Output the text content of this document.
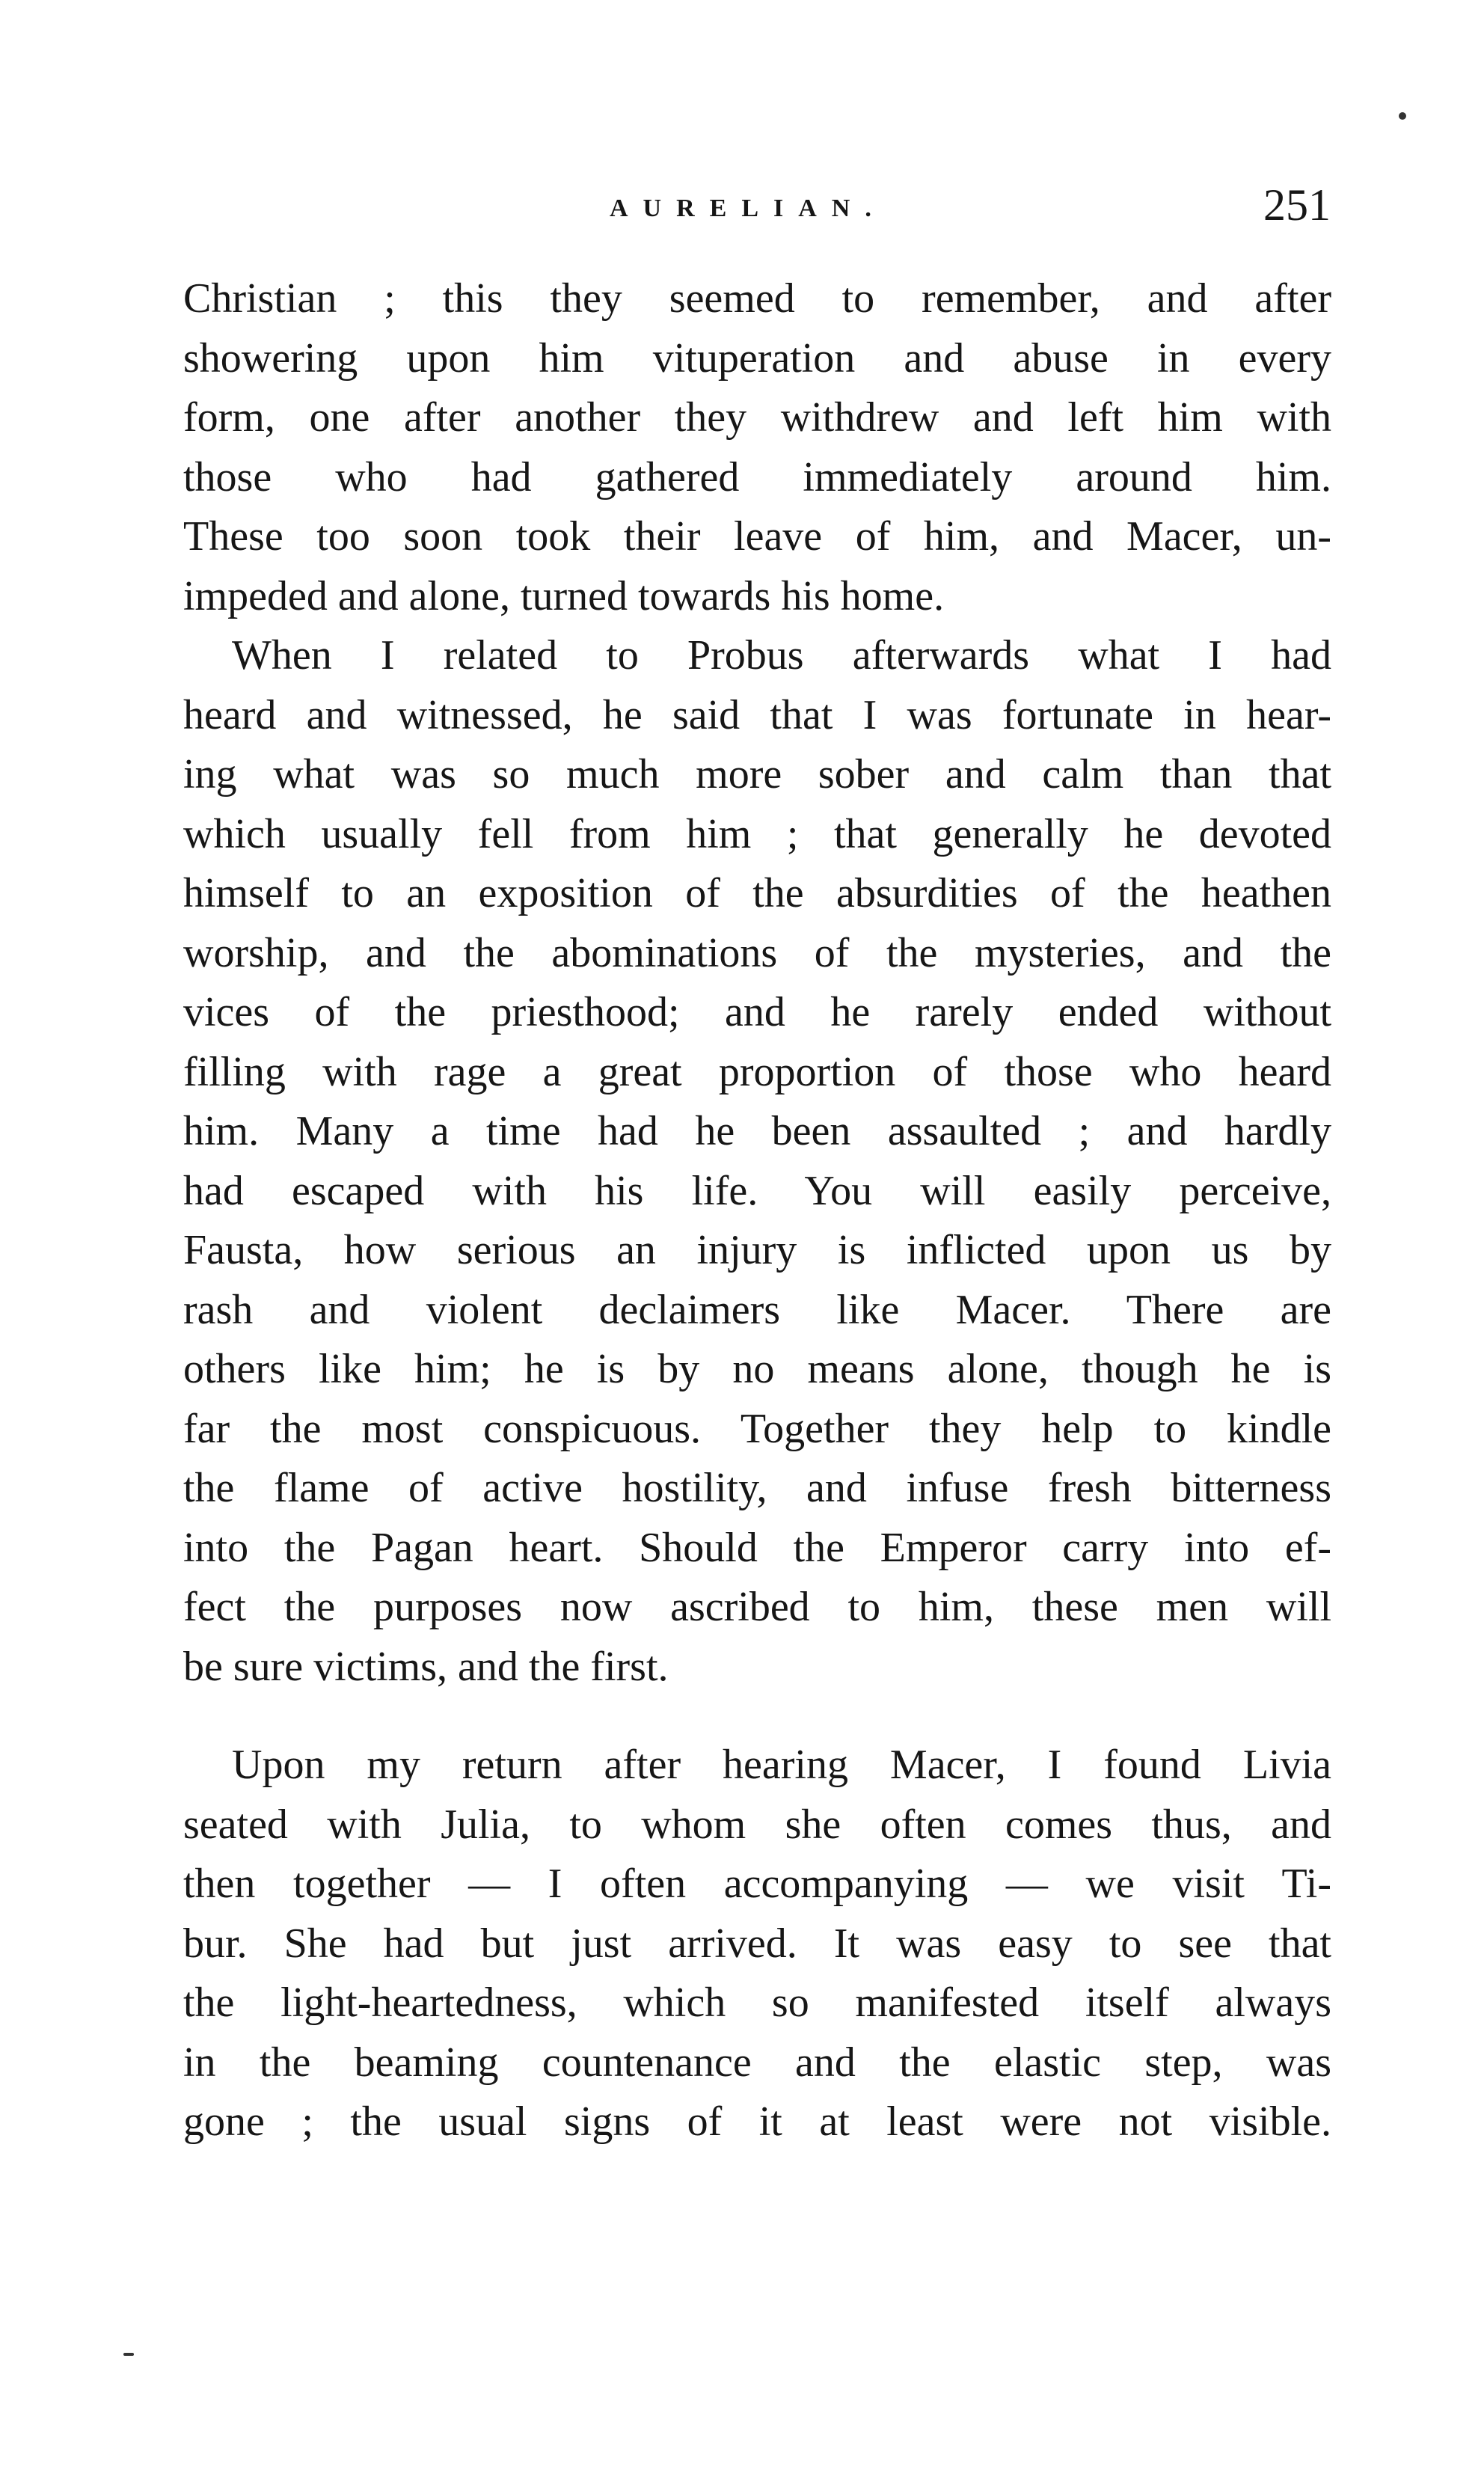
AURELIAN.	251
Christian ; this they seemed to remember, and after
showering upon him vituperation and abuse in every
form, one after another they withdrew and left him with
those who had gathered immediately around him.
These too soon took their leave of him, and Macer, un-
impeded and alone, turned towards his home.
When I related to Probus afterwards what I had
heard and witnessed, he said that I was fortunate in hear-
ing what was so much more sober and calm than that
which usually fell from him ; that generally he devoted
himself to an exposition of the absurdities of the heathen
worship, and the abominations of the mysteries, and the
vices of the priesthood; and he rarely ended without
filling with rage a great proportion of those who heard
him. Many a time had he been assaulted ; and hardly
had escaped with his life. You will easily perceive,
Fausta, how serious an injury is inflicted upon us by
rash and violent declaimers like Macer. There are
others like him; he is by no means alone, though he is
far the most conspicuous. Together they help to kindle
the flame of active hostility, and infuse fresh bitterness
into the Pagan heart. Should the Emperor carry into ef-
fect the purposes now ascribed to him, these men will
be sure victims, and the first.
Upon my return after hearing Macer, I found Livia
seated with Julia, to whom she often comes thus, and
then together — I often accompanying — we visit Ti-
bur. She had but just arrived. It was easy to see that
the light-heartedness, which so manifested itself always
in the beaming countenance and the elastic step, was
gone ; the usual signs of it at least were not visible.
